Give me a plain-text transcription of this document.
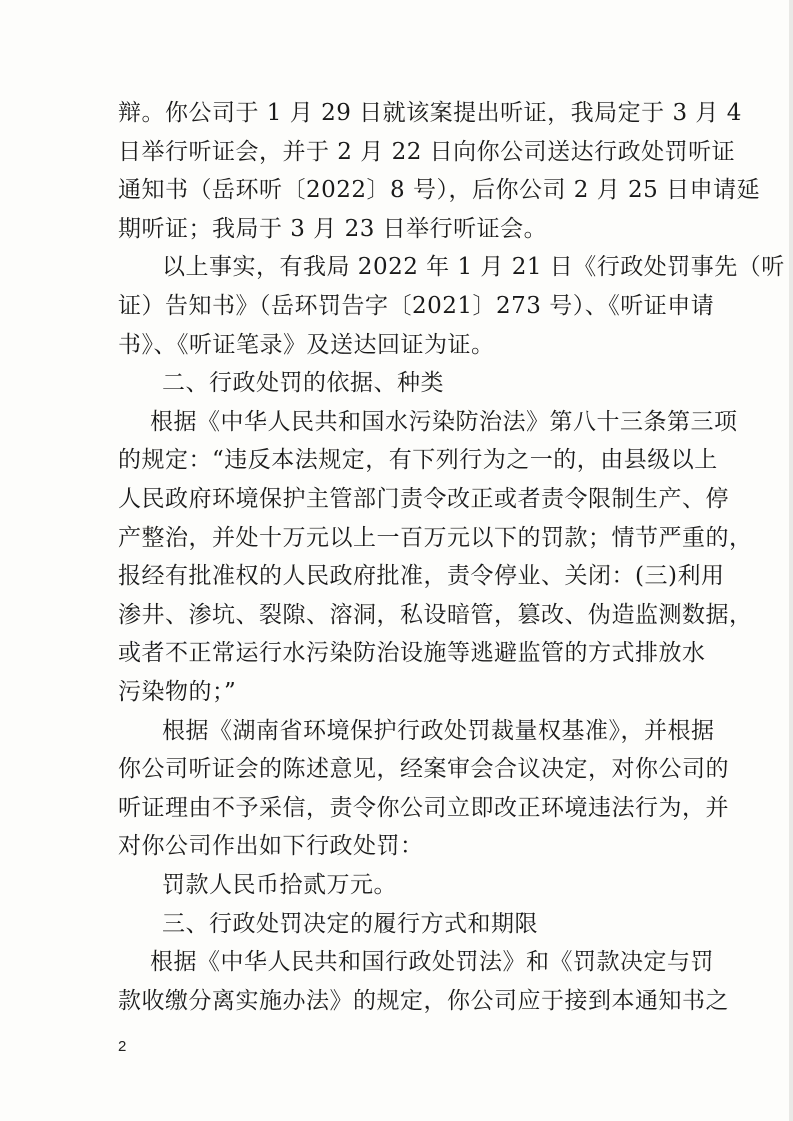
辩。你公司于 1 月 29 日就该案提出听证，我局定于 3 月 4
日举行听证会，并于 2 月 22 日向你公司送达行政处罚听证
通知书（岳环听〔2022〕8 号），后你公司 2 月 25 日申请延
期听证；我局于 3 月 23 日举行听证会。
以上事实，有我局 2022 年 1 月 21 日《行政处罚事先（听
证）告知书》（岳环罚告字〔2021〕273 号）、《听证申请
书》、《听证笔录》及送达回证为证。
二、行政处罚的依据、种类
根据《中华人民共和国水污染防治法》第八十三条第三项
的规定：“违反本法规定，有下列行为之一的，由县级以上
人民政府环境保护主管部门责令改正或者责令限制生产、停
产整治，并处十万元以上一百万元以下的罚款；情节严重的，
报经有批准权的人民政府批准，责令停业、关闭：(三)利用
渗井、渗坑、裂隙、溶洞，私设暗管，篡改、伪造监测数据，
或者不正常运行水污染防治设施等逃避监管的方式排放水
污染物的；”
根据《湖南省环境保护行政处罚裁量权基准》，并根据
你公司听证会的陈述意见，经案审会合议决定，对你公司的
听证理由不予采信，责令你公司立即改正环境违法行为，并
对你公司作出如下行政处罚：
罚款人民币拾贰万元。
三、行政处罚决定的履行方式和期限
2
根据《中华人民共和国行政处罚法》和《罚款决定与罚
款收缴分离实施办法》的规定，你公司应于接到本通知书之
